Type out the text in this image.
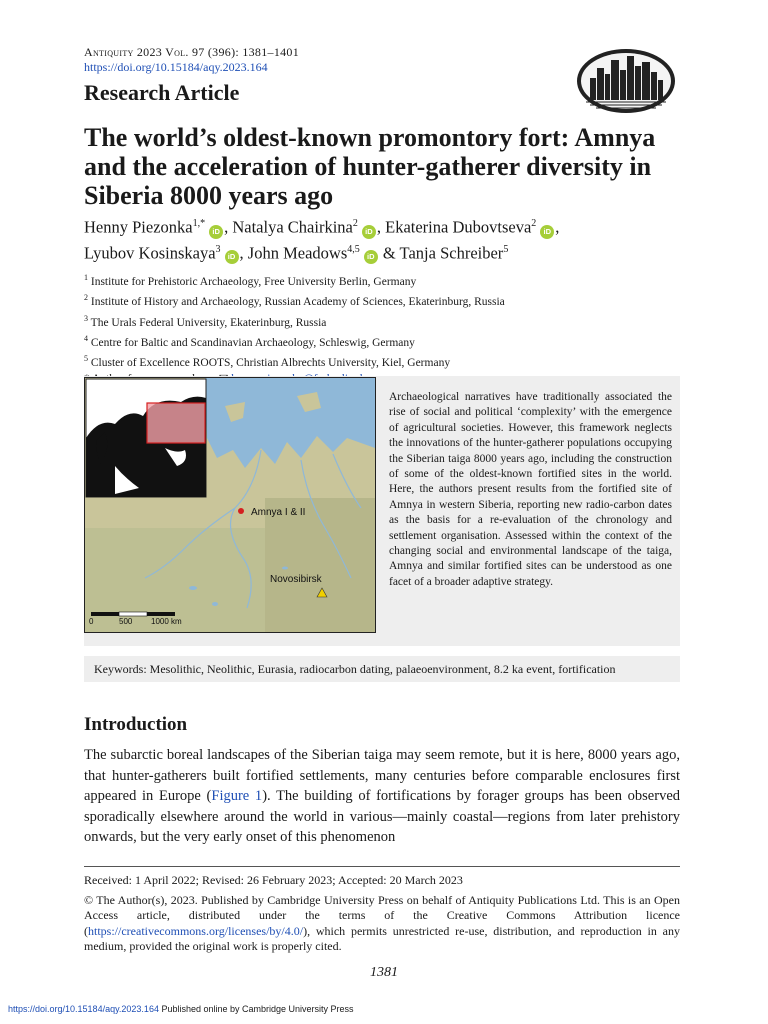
Antiquity 2023 Vol. 97 (396): 1381–1401
https://doi.org/10.15184/aqy.2023.164
Research Article
The world’s oldest-known promontory fort: Amnya and the acceleration of hunter-gatherer diversity in Siberia 8000 years ago
Henny Piezonka$^{1,*}$iD , Natalya Chairkina$^2$iD , Ekaterina Dubovtseva$^2$iD ,
Lyubov Kosinskaya$^3$iD , John Meadows$^{4,5}$iD & Tanja Schreiber$^5$
$^1$ Institute for Prehistoric Archaeology, Free University Berlin, Germany
$^2$ Institute of History and Archaeology, Russian Academy of Sciences, Ekaterinburg, Russia
$^3$ The Urals Federal University, Ekaterinburg, Russia
$^4$ Centre for Baltic and Scandinavian Archaeology, Schleswig, Germany
$^5$ Cluster of Excellence ROOTS, Christian Albrechts University, Kiel, Germany
Amnya I & II
Novosibirsk
0	500 1000 km
Archaeological narratives have traditionally associated the rise of social and political ‘complexity’ with the emergence of agricultural societies. However, this framework neglects the innovations of the hunter-gatherer populations occupying the Siberian taiga 8000 years ago, including the construction of some of the oldest-known fortified sites in the world. Here, the authors present results from the fortified site of Amnya in western Siberia, reporting new radio-carbon dates as the basis for a re-evaluation of the chronology and settlement organisation. Assessed within the context of the changing social and environmental landscape of the taiga, Amnya and similar fortified sites can be understood as one facet of a broader adaptive strategy.
Keywords: Mesolithic, Neolithic, Eurasia, radiocarbon dating, palaeoenvironment, 8.2 ka event, fortification
Introduction
The subarctic boreal landscapes of the Siberian taiga may seem remote, but it is here, 8000 years ago, that hunter-gatherers built fortified settlements, many centuries before comparable enclosures first appeared in Europe (Figure 1). The building of fortifications by forager groups has been observed sporadically elsewhere around the world in various—mainly coastal—regions from later prehistory onwards, but the very early onset of this phenomenon
Received: 1 April 2022; Revised: 26 February 2023; Accepted: 20 March 2023
© The Author(s), 2023. Published by Cambridge University Press on behalf of Antiquity Publications Ltd. This is an Open Access article, distributed under the terms of the Creative Commons Attribution licence (https://creativecommons.org/licenses/by/4.0/), which permits unrestricted re-use, distribution, and reproduction in any medium, provided the original work is properly cited.
1381
https://doi.org/10.15184/aqy.2023.164 Published online by Cambridge University Press
